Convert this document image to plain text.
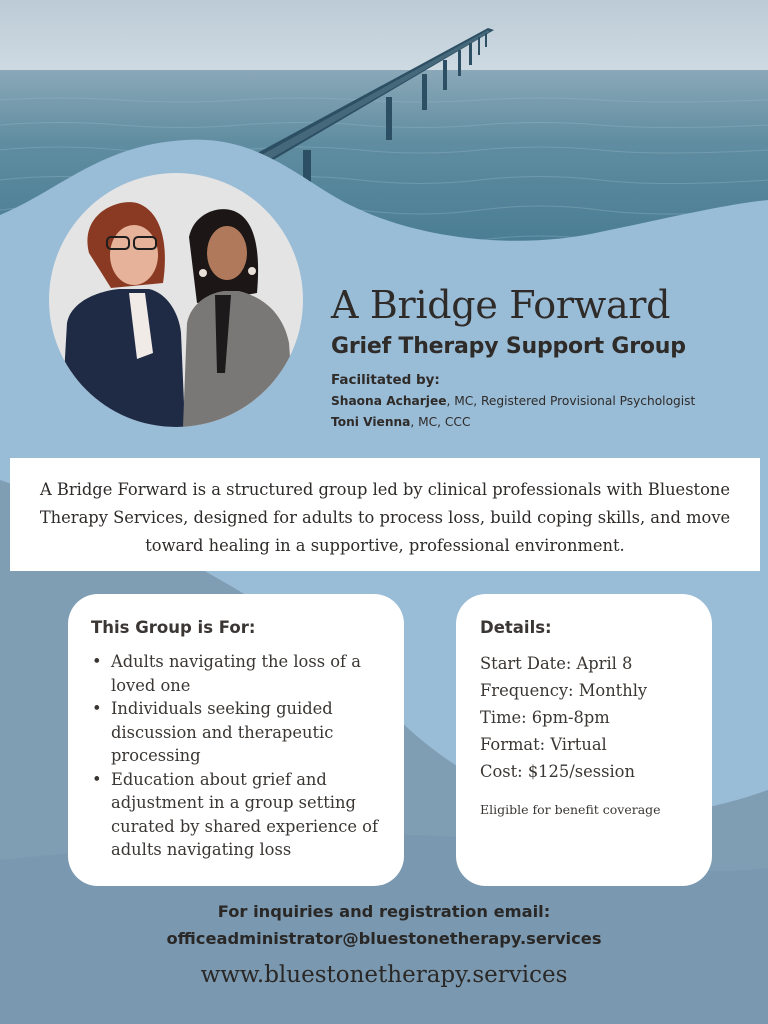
A Bridge Forward
Grief Therapy Support Group
Facilitated by:
Shaona Acharjee, MC, Registered Provisional Psychologist
Toni Vienna, MC, CCC
A Bridge Forward is a structured group led by clinical professionals with Bluestone Therapy Services, designed for adults to process loss, build coping skills, and move toward healing in a supportive, professional environment.
This Group is For:
• Adults navigating the loss of a loved one
• Individuals seeking guided discussion and therapeutic processing
• Education about grief and adjustment in a group setting curated by shared experience of adults navigating loss
Details:
Start Date: April 8
Frequency: Monthly
Time: 6pm-8pm
Format: Virtual
Cost: $125/session
Eligible for benefit coverage
For inquiries and registration email:
officeadministrator@bluestonetherapy.services
www.bluestonetherapy.services
